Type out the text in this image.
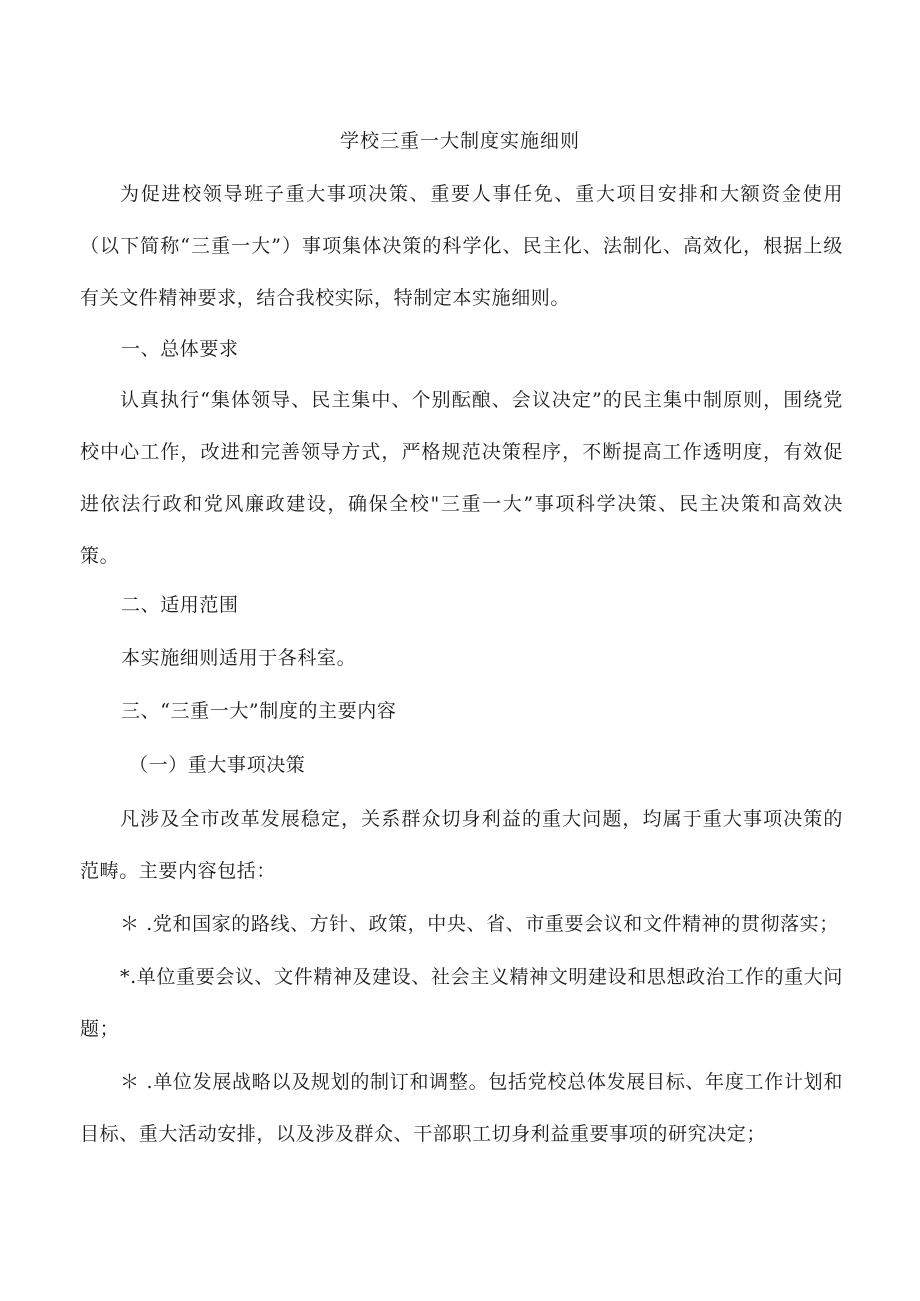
学校三重一大制度实施细则

为促进校领导班子重大事项决策、重要人事任免、重大项目安排和大额资金使用（以下简称“三重一大”）事项集体决策的科学化、民主化、法制化、高效化，根据上级有关文件精神要求，结合我校实际，特制定本实施细则。

一、总体要求

认真执行“集体领导、民主集中、个别酝酿、会议决定”的民主集中制原则，围绕党校中心工作，改进和完善领导方式，严格规范决策程序，不断提高工作透明度，有效促进依法行政和党风廉政建设，确保全校"三重一大”事项科学决策、民主决策和高效决策。

二、适用范围

本实施细则适用于各科室。

三、“三重一大”制度的主要内容

（一）重大事项决策

凡涉及全市改革发展稳定，关系群众切身利益的重大问题，均属于重大事项决策的范畴。主要内容包括：

＊ .党和国家的路线、方针、政策，中央、省、市重要会议和文件精神的贯彻落实；

*.单位重要会议、文件精神及建设、社会主义精神文明建设和思想政治工作的重大问题；

＊ .单位发展战略以及规划的制订和调整。包括党校总体发展目标、年度工作计划和目标、重大活动安排，以及涉及群众、干部职工切身利益重要事项的研究决定；
